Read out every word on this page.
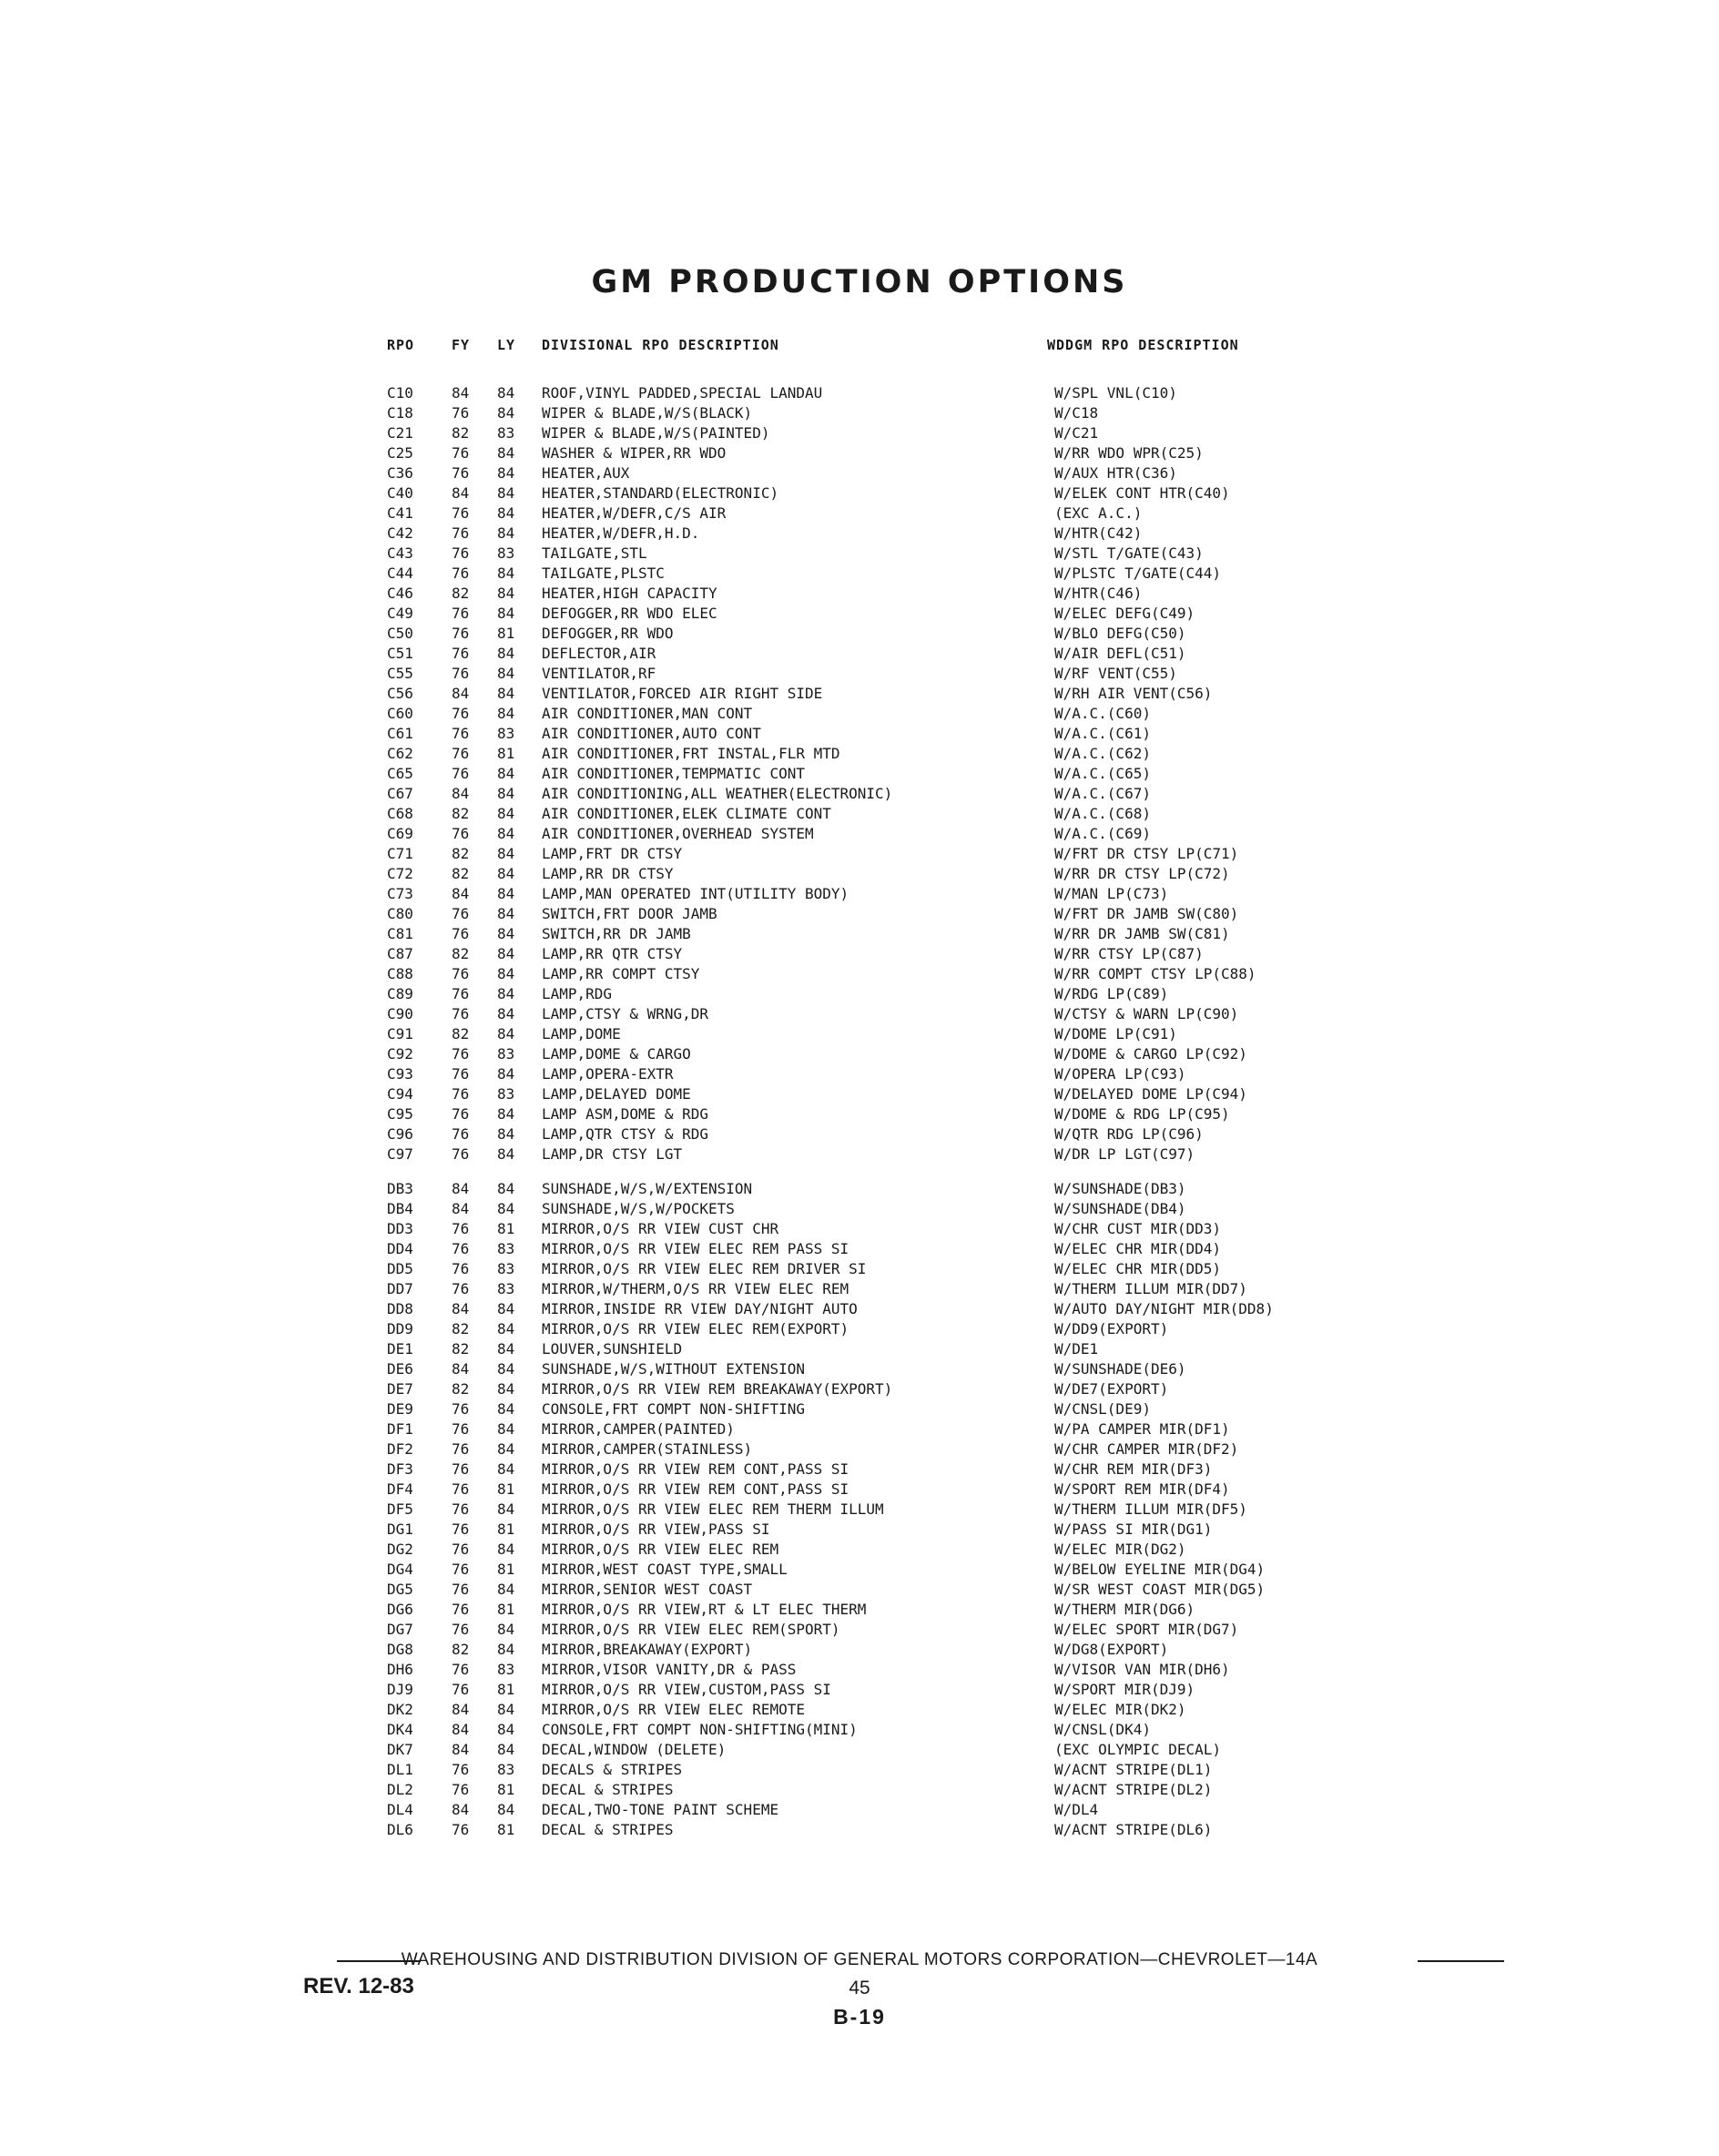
GM PRODUCTION OPTIONS
RPO	FY LY DIVISIONAL RPO DESCRIPTION	WDDGM RPO DESCRIPTION
C10	84 84 ROOF,VINYL PADDED,SPECIAL LANDAU	W/SPL VNL(C10)
C18	76 84 WIPER & BLADE,W/S(BLACK)	W/C18
C21	82 83 WIPER & BLADE,W/S(PAINTED)	W/C21
C25	76 84 WASHER & WIPER,RR WDO	W/RR WDO WPR(C25)
C36	76 84 HEATER,AUX	W/AUX HTR(C36)
C40	84 84 HEATER,STANDARD(ELECTRONIC)	W/ELEK CONT HTR(C40)
C41	76 84 HEATER,W/DEFR,C/S AIR	(EXC A.C.)
C42	76 84 HEATER,W/DEFR,H.D.	W/HTR(C42)
C43	76 83 TAILGATE,STL	W/STL T/GATE(C43)
C44	76 84 TAILGATE,PLSTC	W/PLSTC T/GATE(C44)
C46	82 84 HEATER,HIGH CAPACITY	W/HTR(C46)
C49	76 84 DEFOGGER,RR WDO ELEC	W/ELEC DEFG(C49)
C50	76 81 DEFOGGER,RR WDO	W/BLO DEFG(C50)
C51	76 84 DEFLECTOR,AIR	W/AIR DEFL(C51)
C55	76 84 VENTILATOR,RF	W/RF VENT(C55)
C56	84 84 VENTILATOR,FORCED AIR RIGHT SIDE	W/RH AIR VENT(C56)
C60	76 84 AIR CONDITIONER,MAN CONT	W/A.C.(C60)
C61	76 83 AIR CONDITIONER,AUTO CONT	W/A.C.(C61)
C62	76 81 AIR CONDITIONER,FRT INSTAL,FLR MTD	W/A.C.(C62)
C65	76 84 AIR CONDITIONER,TEMPMATIC CONT	W/A.C.(C65)
C67	84 84 AIR CONDITIONING,ALL WEATHER(ELECTRONIC)	W/A.C.(C67)
C68	82 84 AIR CONDITIONER,ELEK CLIMATE CONT	W/A.C.(C68)
C69	76 84 AIR CONDITIONER,OVERHEAD SYSTEM	W/A.C.(C69)
C71	82 84 LAMP,FRT DR CTSY	W/FRT DR CTSY LP(C71)
C72	82 84 LAMP,RR DR CTSY	W/RR DR CTSY LP(C72)
C73	84 84 LAMP,MAN OPERATED INT(UTILITY BODY)	W/MAN LP(C73)
C80	76 84 SWITCH,FRT DOOR JAMB	W/FRT DR JAMB SW(C80)
C81	76 84 SWITCH,RR DR JAMB	W/RR DR JAMB SW(C81)
C87	82 84 LAMP,RR QTR CTSY	W/RR CTSY LP(C87)
C88	76 84 LAMP,RR COMPT CTSY	W/RR COMPT CTSY LP(C88)
C89	76 84 LAMP,RDG	W/RDG LP(C89)
C90	76 84 LAMP,CTSY & WRNG,DR	W/CTSY & WARN LP(C90)
C91	82 84 LAMP,DOME	W/DOME LP(C91)
C92	76 83 LAMP,DOME & CARGO	W/DOME & CARGO LP(C92)
C93	76 84 LAMP,OPERA-EXTR	W/OPERA LP(C93)
C94	76 83 LAMP,DELAYED DOME	W/DELAYED DOME LP(C94)
C95	76 84 LAMP ASM,DOME & RDG	W/DOME & RDG LP(C95)
C96	76 84 LAMP,QTR CTSY & RDG	W/QTR RDG LP(C96)
C97	76 84 LAMP,DR CTSY LGT	W/DR LP LGT(C97)
DB3	84 84 SUNSHADE,W/S,W/EXTENSION	W/SUNSHADE(DB3)
DB4	84 84 SUNSHADE,W/S,W/POCKETS	W/SUNSHADE(DB4)
DD3	76 81 MIRROR,O/S RR VIEW CUST CHR	W/CHR CUST MIR(DD3)
DD4	76 83 MIRROR,O/S RR VIEW ELEC REM PASS SI	W/ELEC CHR MIR(DD4)
DD5	76 83 MIRROR,O/S RR VIEW ELEC REM DRIVER SI	W/ELEC CHR MIR(DD5)
DD7	76 83 MIRROR,W/THERM,O/S RR VIEW ELEC REM	W/THERM ILLUM MIR(DD7)
DD8	84 84 MIRROR,INSIDE RR VIEW DAY/NIGHT AUTO	W/AUTO DAY/NIGHT MIR(DD8)
DD9	82 84 MIRROR,O/S RR VIEW ELEC REM(EXPORT)	W/DD9(EXPORT)
DE1	82 84 LOUVER,SUNSHIELD	W/DE1
DE6	84 84 SUNSHADE,W/S,WITHOUT EXTENSION	W/SUNSHADE(DE6)
DE7	82 84 MIRROR,O/S RR VIEW REM BREAKAWAY(EXPORT)	W/DE7(EXPORT)
DE9	76 84 CONSOLE,FRT COMPT NON-SHIFTING	W/CNSL(DE9)
DF1	76 84 MIRROR,CAMPER(PAINTED)	W/PA CAMPER MIR(DF1)
DF2	76 84 MIRROR,CAMPER(STAINLESS)	W/CHR CAMPER MIR(DF2)
DF3	76 84 MIRROR,O/S RR VIEW REM CONT,PASS SI	W/CHR REM MIR(DF3)
DF4	76 81 MIRROR,O/S RR VIEW REM CONT,PASS SI	W/SPORT REM MIR(DF4)
DF5	76 84 MIRROR,O/S RR VIEW ELEC REM THERM ILLUM	W/THERM ILLUM MIR(DF5)
DG1	76 81 MIRROR,O/S RR VIEW,PASS SI	W/PASS SI MIR(DG1)
DG2	76 84 MIRROR,O/S RR VIEW ELEC REM	W/ELEC MIR(DG2)
DG4	76 81 MIRROR,WEST COAST TYPE,SMALL	W/BELOW EYELINE MIR(DG4)
DG5	76 84 MIRROR,SENIOR WEST COAST	W/SR WEST COAST MIR(DG5)
DG6	76 81 MIRROR,O/S RR VIEW,RT & LT ELEC THERM	W/THERM MIR(DG6)
DG7	76 84 MIRROR,O/S RR VIEW ELEC REM(SPORT)	W/ELEC SPORT MIR(DG7)
DG8	82 84 MIRROR,BREAKAWAY(EXPORT)	W/DG8(EXPORT)
DH6	76 83 MIRROR,VISOR VANITY,DR & PASS	W/VISOR VAN MIR(DH6)
DJ9	76 81 MIRROR,O/S RR VIEW,CUSTOM,PASS SI	W/SPORT MIR(DJ9)
DK2	84 84 MIRROR,O/S RR VIEW ELEC REMOTE	W/ELEC MIR(DK2)
DK4	84 84 CONSOLE,FRT COMPT NON-SHIFTING(MINI)	W/CNSL(DK4)
DK7	84 84 DECAL,WINDOW (DELETE)	(EXC OLYMPIC DECAL)
DL1	76 83 DECALS & STRIPES	W/ACNT STRIPE(DL1)
DL2	76 81 DECAL & STRIPES	W/ACNT STRIPE(DL2)
DL4	84 84 DECAL,TWO-TONE PAINT SCHEME	W/DL4
DL6	76 81 DECAL & STRIPES	W/ACNT STRIPE(DL6)
WAREHOUSING AND DISTRIBUTION DIVISION OF GENERAL MOTORS CORPORATION—CHEVROLET—14A
REV. 12-83	45
B-19
